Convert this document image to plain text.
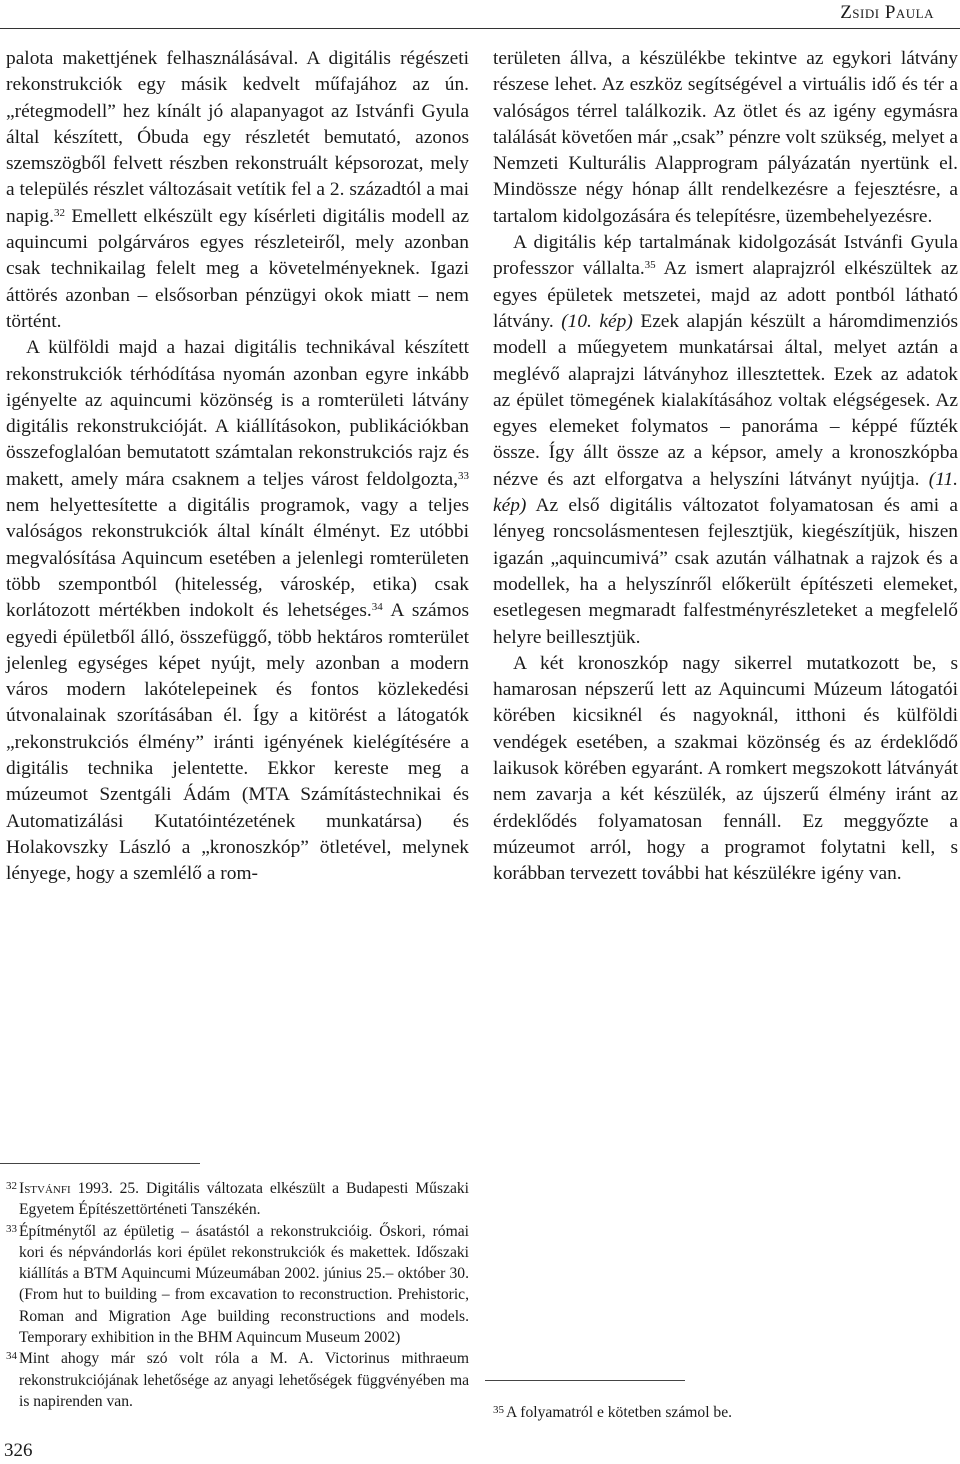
Zsidi Paula

palota makettjének felhasználásával. A digitális régészeti rekonstrukciók egy másik kedvelt műfajához az ún. „rétegmodell” hez kínált jó alapanyagot az Istvánfi Gyula által készített, Óbuda egy részletét bemutató, azonos szemszögből felvett részben rekonstruált képsorozat, mely a település részlet változásait vetítik fel a 2. századtól a mai napig.$^{32}$ Emellett elkészült egy kísérleti digitális modell az aquincumi polgárváros egyes részleteiről, mely azonban csak technikailag felelt meg a követelményeknek. Igazi áttörés azonban – elsősorban pénzügyi okok miatt – nem történt.

A külföldi majd a hazai digitális technikával készített rekonstrukciók térhódítása nyomán azonban egyre inkább igényelte az aquincumi közönség is a romterületi látvány digitális rekonstrukcióját. A kiállításokon, publikációkban összefoglalóan bemutatott számtalan rekonstrukciós rajz és makett, amely mára csaknem a teljes várost feldolgozta,$^{33}$ nem helyettesítette a digitális programok, vagy a teljes valóságos rekonstrukciók által kínált élményt. Ez utóbbi megvalósítása Aquincum esetében a jelenlegi romterületen több szempontból (hitelesség, városkép, etika) csak korlátozott mértékben indokolt és lehetséges.$^{34}$ A számos egyedi épületből álló, összefüggő, több hektáros romterület jelenleg egységes képet nyújt, mely azonban a modern város modern lakótelepeinek és fontos közlekedési útvonalainak szorításában él. Így a kitörést a látogatók „rekonstrukciós élmény” iránti igényének kielégítésére a digitális technika jelentette. Ekkor kereste meg a múzeumot Szentgáli Ádám (MTA Számítástechnikai és Automatizálási Kutatóintézetének munkatársa) és Holakovszky László a „kronoszkóp” ötletével, melynek lényege, hogy a szemlélő a rom-

területen állva, a készülékbe tekintve az egykori látvány részese lehet. Az eszköz segítségével a virtuális idő és tér a valóságos térrel találkozik. Az ötlet és az igény egymásra találását követően már „csak” pénzre volt szükség, melyet a Nemzeti Kulturális Alapprogram pályázatán nyertünk el. Mindössze négy hónap állt rendelkezésre a fejesztésre, a tartalom kidolgozására és telepítésre, üzembehelyezésre.

A digitális kép tartalmának kidolgozását Istvánfi Gyula professzor vállalta.$^{35}$ Az ismert alaprajzról elkészültek az egyes épületek metszetei, majd az adott pontból látható látvány. (10. kép) Ezek alapján készült a háromdimenziós modell a műegyetem munkatársai által, melyet aztán a meglévő alaprajzi látványhoz illesztettek. Ezek az adatok az épület tömegének kialakításához voltak elégségesek. Az egyes elemeket folymatos – panoráma – képpé fűzték össze. Így állt össze az a képsor, amely a kronoszkópba nézve és azt elforgatva a helyszíni látványt nyújtja. (11. kép) Az első digitális változatot folyamatosan és ami a lényeg roncsolásmentesen fejlesztjük, kiegészítjük, hiszen igazán „aquincumivá” csak azután válhatnak a rajzok és a modellek, ha a helyszínről előkerült építészeti elemeket, esetlegesen megmaradt falfestményrészleteket a megfelelő helyre beillesztjük.

A két kronoszkóp nagy sikerrel mutatkozott be, s hamarosan népszerű lett az Aquincumi Múzeum látogatói körében kicsiknél és nagyoknál, itthoni és külföldi vendégek esetében, a szakmai közönség és az érdeklődő laikusok körében egyaránt. A romkert megszokott látványát nem zavarja a két készülék, az újszerű élmény iránt az érdeklődés folyamatosan fennáll. Ez meggyőzte a múzeumot arról, hogy a programot folytatni kell, s korábban tervezett további hat készülékre igény van.

32 Istvánfi 1993. 25. Digitális változata elkészült a Budapesti Műszaki Egyetem Építészettörténeti Tanszékén.

33 Építménytől az épületig – ásatástól a rekonstrukcióig. Őskori, római kori és népvándorlás kori épület rekonstrukciók és makettek. Időszaki kiállítás a BTM Aquincumi Múzeumában 2002. június 25.– október 30. (From hut to building – from excavation to reconstruction. Prehistoric, Roman and Migration Age building reconstructions and models. Temporary exhibition in the BHM Aquincum Museum 2002)

34 Mint ahogy már szó volt róla a M. A. Victorinus mithraeum rekonstrukciójának lehetősége az anyagi lehetőségek függvényében ma is napirenden van.

35 A folyamatról e kötetben számol be.

326
